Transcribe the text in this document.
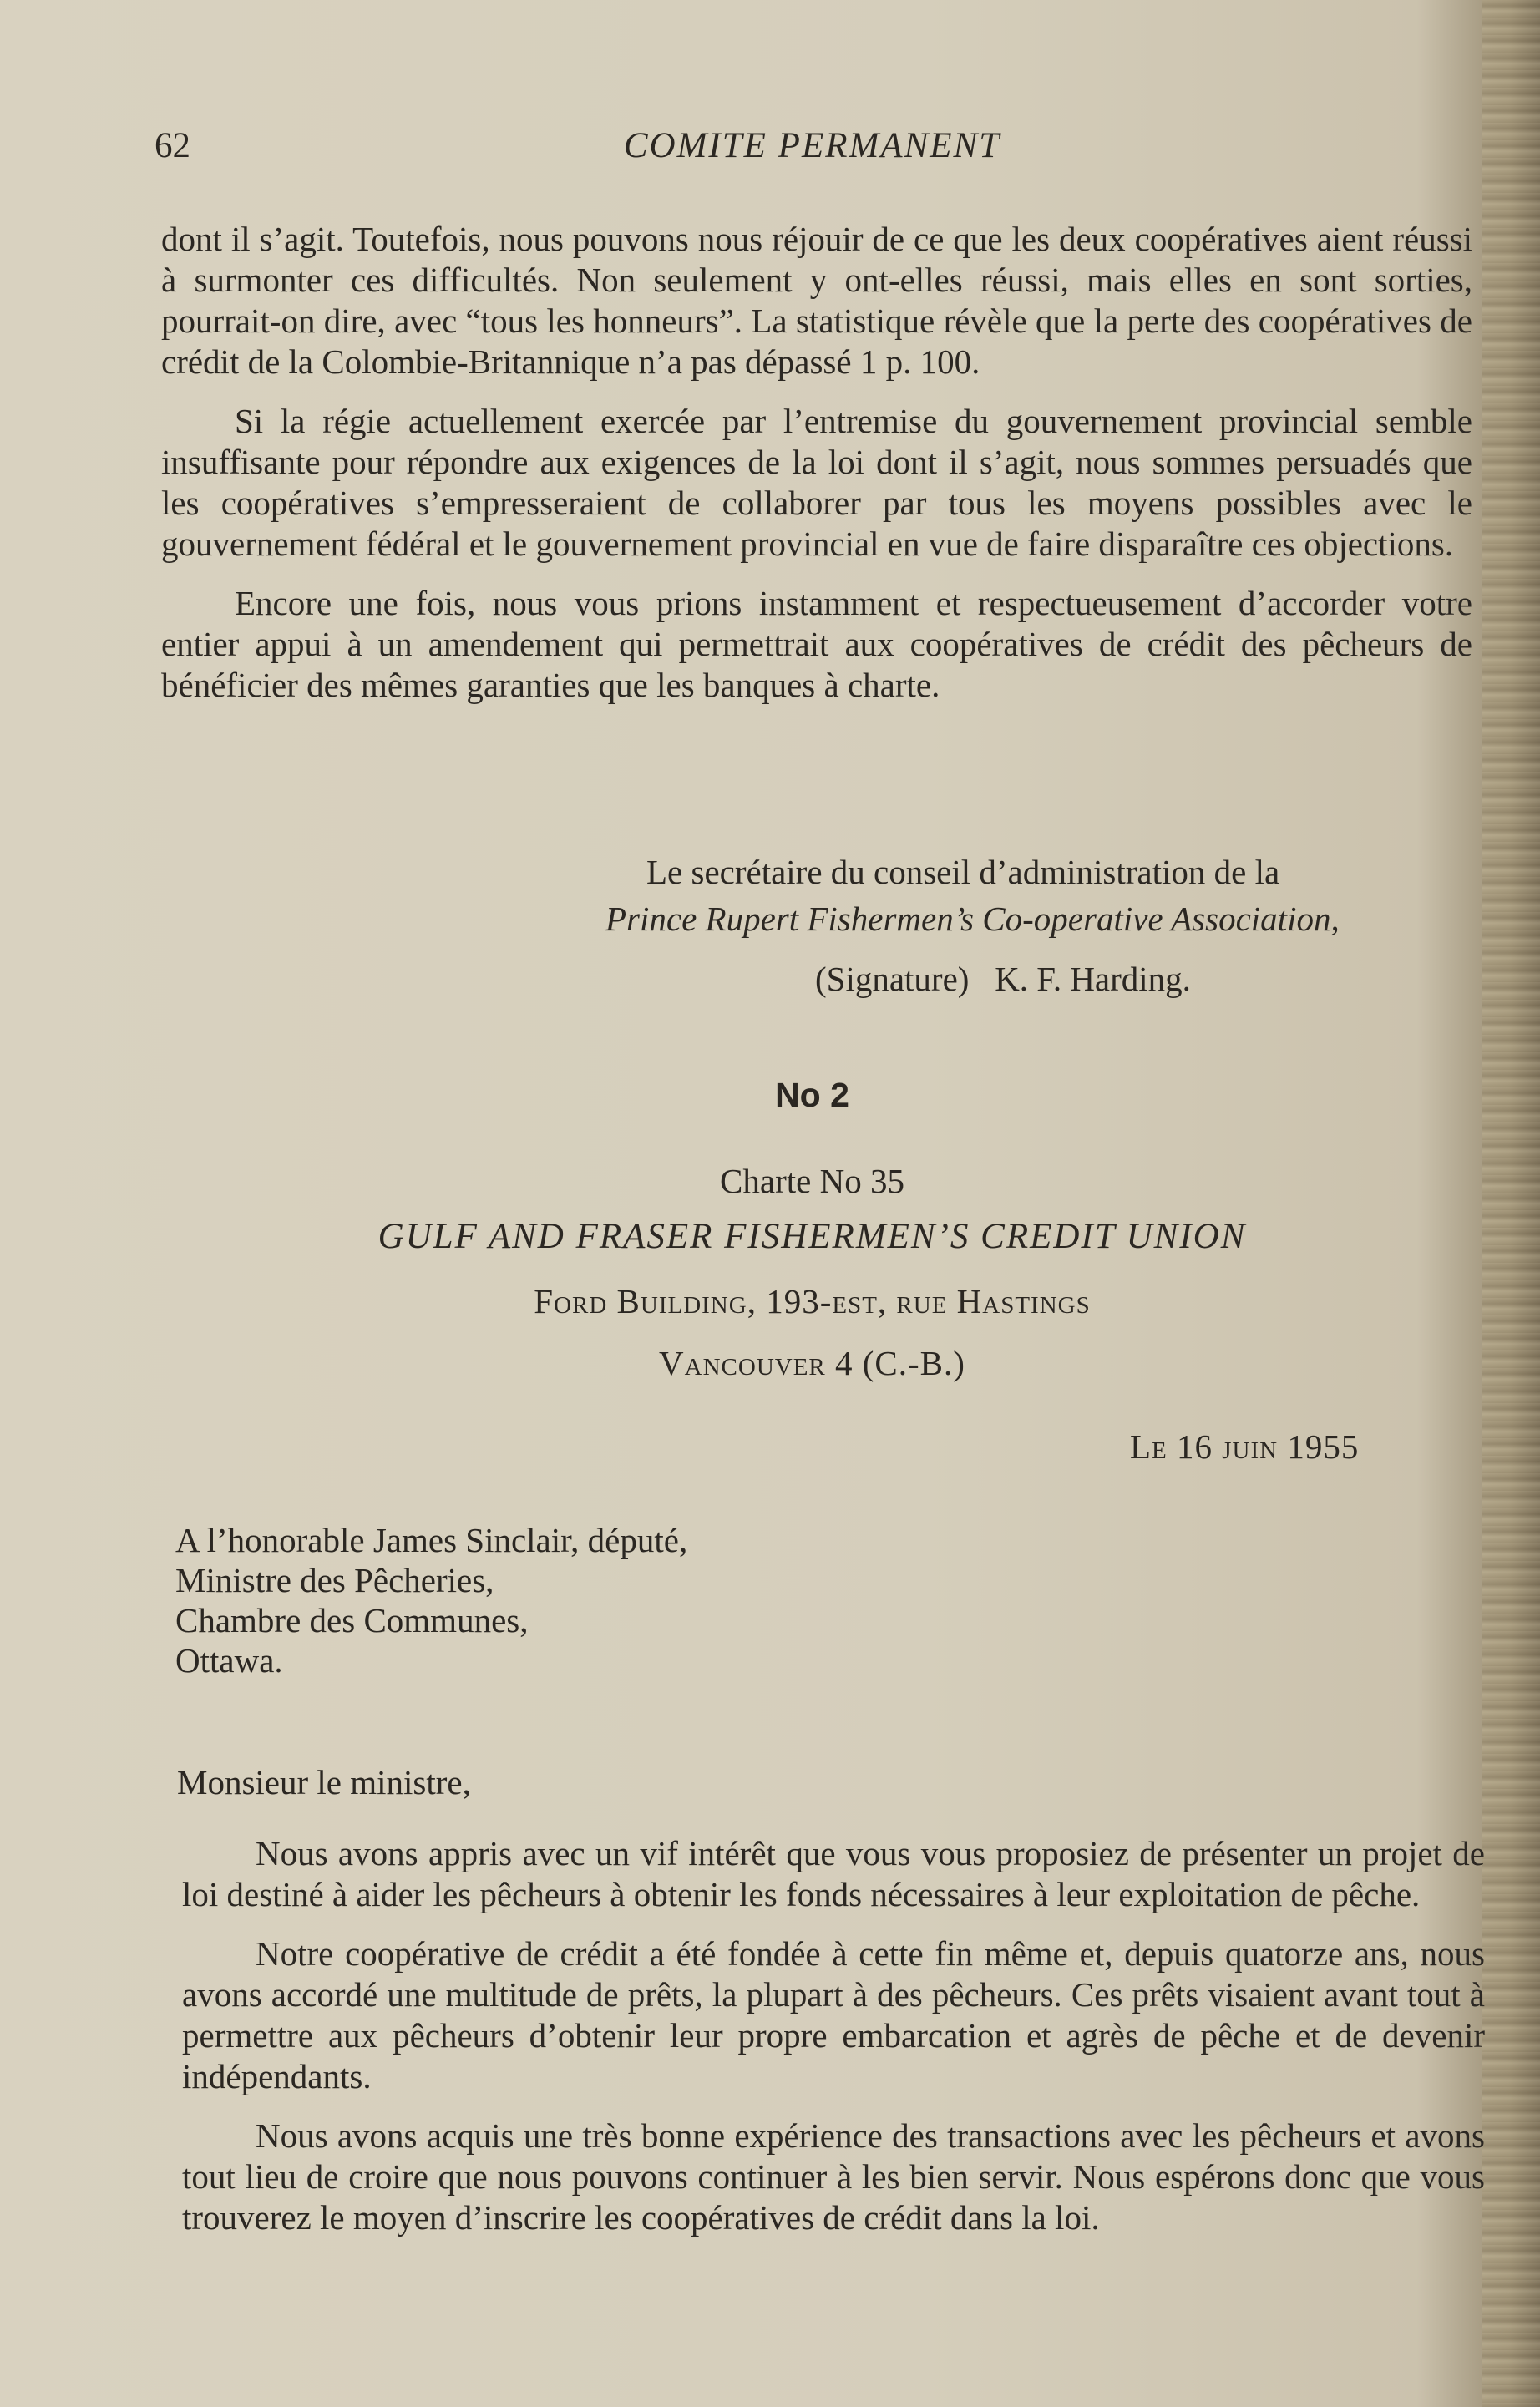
62	COMITE PERMANENT

dont il s’agit. Toutefois, nous pouvons nous réjouir de ce que les deux coopératives aient réussi à surmonter ces difficultés. Non seulement y ont-elles réussi, mais elles en sont sorties, pourrait-on dire, avec “tous les honneurs”. La statistique révèle que la perte des coopératives de crédit de la Colombie-Britannique n’a pas dépassé 1 p. 100.

Si la régie actuellement exercée par l’entremise du gouvernement provincial semble insuffisante pour répondre aux exigences de la loi dont il s’agit, nous sommes persuadés que les coopératives s’empresseraient de collaborer par tous les moyens possibles avec le gouvernement fédéral et le gouvernement provincial en vue de faire disparaître ces objections.

Encore une fois, nous vous prions instamment et respectueusement d’accorder votre entier appui à un amendement qui permettrait aux coopératives de crédit des pêcheurs de bénéficier des mêmes garanties que les banques à charte.

Le secrétaire du conseil d’administration de la
Prince Rupert Fishermen’s Co-operative Association,
(Signature)   K. F. Harding.
No 2
Charte No 35
GULF AND FRASER FISHERMEN’S CREDIT UNION
Ford Building, 193-est, rue Hastings
Vancouver 4 (C.-B.)
Le 16 juin 1955
A l’honorable James Sinclair, député,
Ministre des Pêcheries,
Chambre des Communes,
Ottawa.
Monsieur le ministre,

Nous avons appris avec un vif intérêt que vous vous proposiez de présenter un projet de loi destiné à aider les pêcheurs à obtenir les fonds nécessaires à leur exploitation de pêche.

Notre coopérative de crédit a été fondée à cette fin même et, depuis quatorze ans, nous avons accordé une multitude de prêts, la plupart à des pêcheurs. Ces prêts visaient avant tout à permettre aux pêcheurs d’obtenir leur propre embarcation et agrès de pêche et de devenir indépendants.

Nous avons acquis une très bonne expérience des transactions avec les pêcheurs et avons tout lieu de croire que nous pouvons continuer à les bien servir. Nous espérons donc que vous trouverez le moyen d’inscrire les coopératives de crédit dans la loi.
